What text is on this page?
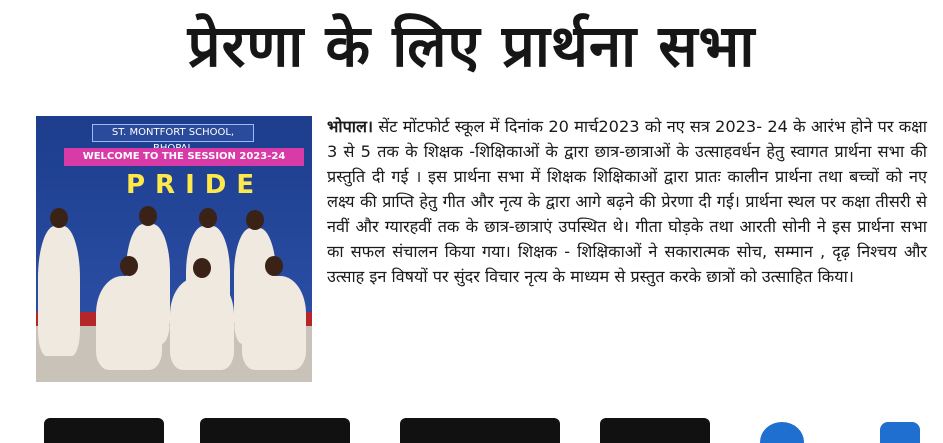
प्रेरणा के लिए प्रार्थना सभा
ST. MONTFORT SCHOOL,
WELCOME TO THE SESSION 2023-24
PRIDE
भोपाल। सेंट मोंटफोर्ट स्कूल में दिनांक 20 मार्च2023 को नए सत्र 2023- 24 के आरंभ होने पर कक्षा 3 से 5 तक के शिक्षक -शिक्षिकाओं के द्वारा छात्र-छात्राओं के उत्साहवर्धन हेतु स्वागत प्रार्थना सभा की प्रस्तुति दी गई । इस प्रार्थना सभा में शिक्षक शिक्षिकाओं द्वारा प्रातः कालीन प्रार्थना तथा बच्चों को नए लक्ष्य की प्राप्ति हेतु गीत और नृत्य के द्वारा आगे बढ़ने की प्रेरणा दी गई। प्रार्थना स्थल पर कक्षा तीसरी से नवीं और ग्यारहवीं तक के छात्र-छात्राएं उपस्थित थे। गीता घोड़के तथा आरती सोनी ने इस प्रार्थना सभा का सफल संचालन किया गया। शिक्षक - शिक्षिकाओं ने सकारात्मक सोच, सम्मान , दृढ़ निश्चय और उत्साह इन विषयों पर सुंदर विचार नृत्य के माध्यम से प्रस्तुत करके छात्रों को उत्साहित किया।
